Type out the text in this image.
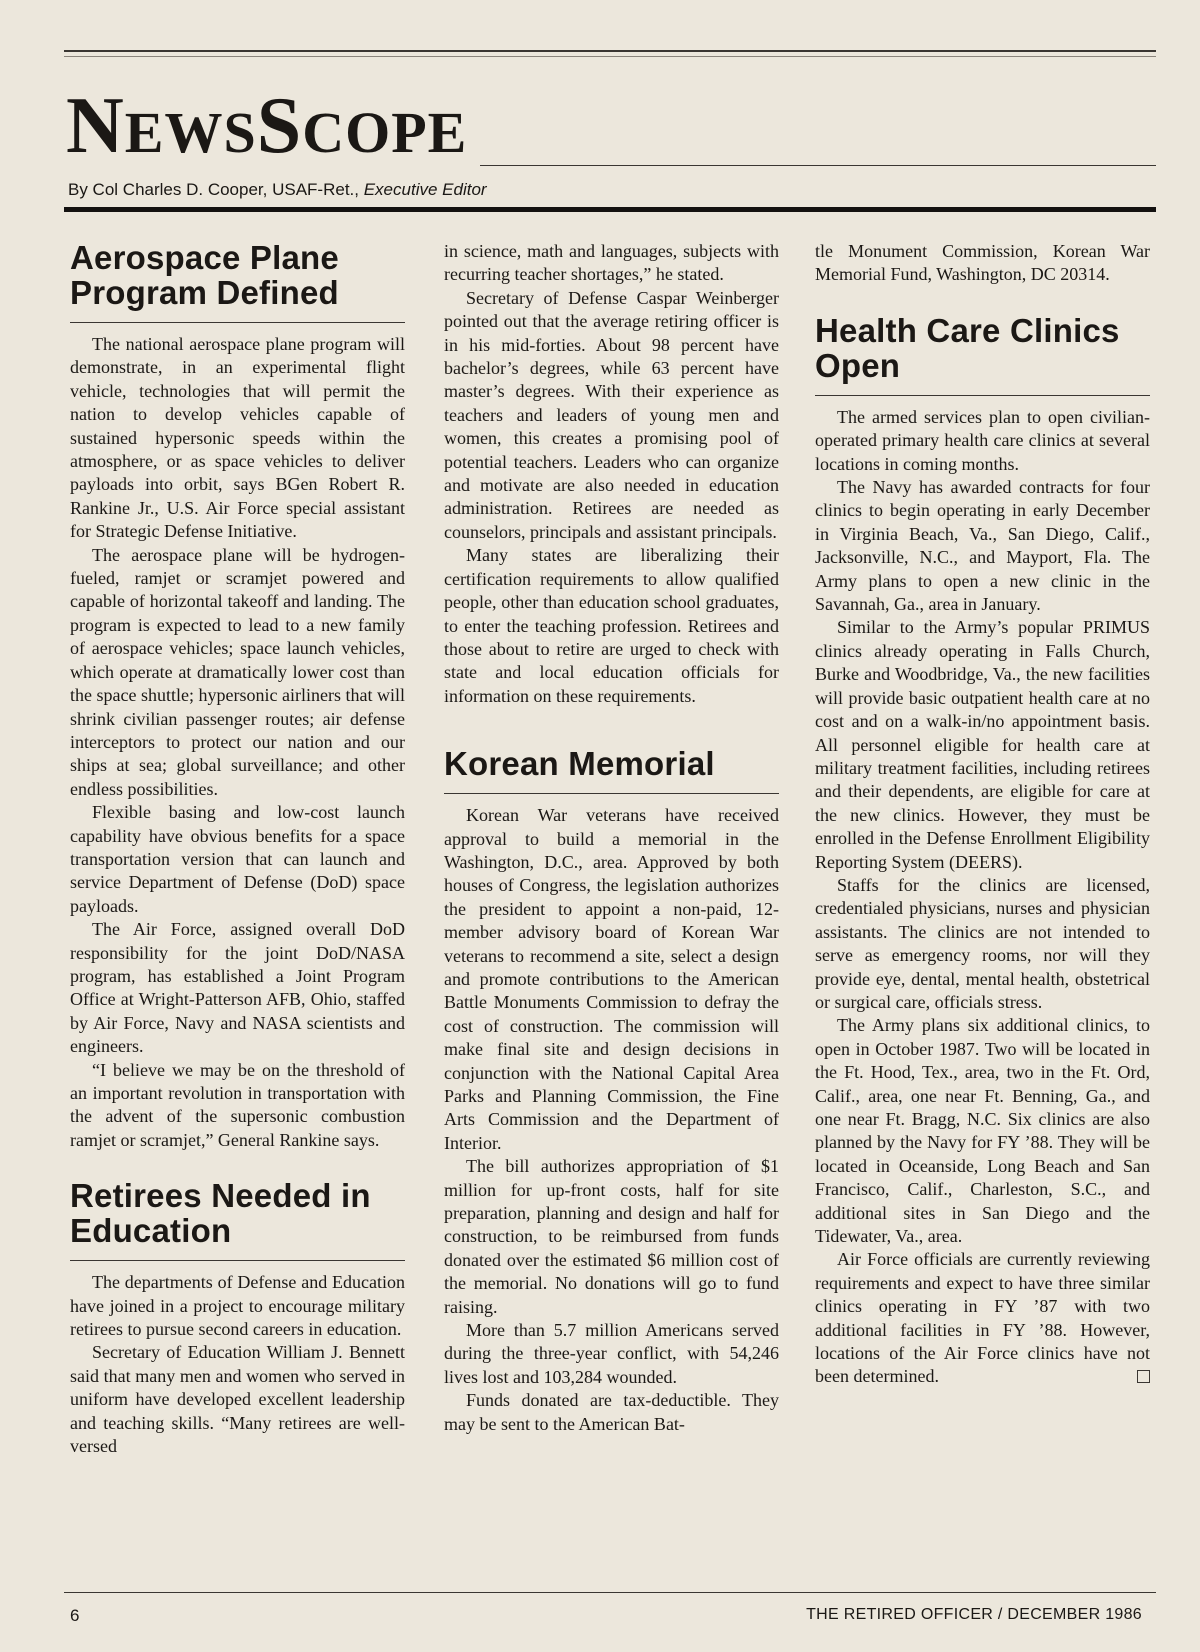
NEWSSCOPE
By Col Charles D. Cooper, USAF-Ret., Executive Editor
Aerospace Plane Program Defined

The national aerospace plane program will demonstrate, in an experimental flight vehicle, technologies that will permit the nation to develop vehicles capable of sustained hypersonic speeds within the atmosphere, or as space vehicles to deliver payloads into orbit, says BGen Robert R. Rankine Jr., U.S. Air Force special assistant for Strategic Defense Initiative.

The aerospace plane will be hydrogen-fueled, ramjet or scramjet powered and capable of horizontal takeoff and landing. The program is expected to lead to a new family of aerospace vehicles; space launch vehicles, which operate at dramatically lower cost than the space shuttle; hypersonic airliners that will shrink civilian passenger routes; air defense interceptors to protect our nation and our ships at sea; global surveillance; and other endless possibilities.

Flexible basing and low-cost launch capability have obvious benefits for a space transportation version that can launch and service Department of Defense (DoD) space payloads.

The Air Force, assigned overall DoD responsibility for the joint DoD/NASA program, has established a Joint Program Office at Wright-Patterson AFB, Ohio, staffed by Air Force, Navy and NASA scientists and engineers.

“I believe we may be on the threshold of an important revolution in transportation with the advent of the supersonic combustion ramjet or scramjet,” General Rankine says.

Retirees Needed in Education

The departments of Defense and Education have joined in a project to encourage military retirees to pursue second careers in education.

Secretary of Education William J. Bennett said that many men and women who served in uniform have developed excellent leadership and teaching skills. “Many retirees are well-versed

in science, math and languages, subjects with recurring teacher shortages,” he stated.

Secretary of Defense Caspar Weinberger pointed out that the average retiring officer is in his mid-forties. About 98 percent have bachelor’s degrees, while 63 percent have master’s degrees. With their experience as teachers and leaders of young men and women, this creates a promising pool of potential teachers. Leaders who can organize and motivate are also needed in education administration. Retirees are needed as counselors, principals and assistant principals.

Many states are liberalizing their certification requirements to allow qualified people, other than education school graduates, to enter the teaching profession. Retirees and those about to retire are urged to check with state and local education officials for information on these requirements.

Korean Memorial

Korean War veterans have received approval to build a memorial in the Washington, D.C., area. Approved by both houses of Congress, the legislation authorizes the president to appoint a non-paid, 12-member advisory board of Korean War veterans to recommend a site, select a design and promote contributions to the American Battle Monuments Commission to defray the cost of construction. The commission will make final site and design decisions in conjunction with the National Capital Area Parks and Planning Commission, the Fine Arts Commission and the Department of Interior.

The bill authorizes appropriation of $1 million for up-front costs, half for site preparation, planning and design and half for construction, to be reimbursed from funds donated over the estimated $6 million cost of the memorial. No donations will go to fund raising.

More than 5.7 million Americans served during the three-year conflict, with 54,246 lives lost and 103,284 wounded.

Funds donated are tax-deductible. They may be sent to the American Bat-

tle Monument Commission, Korean War Memorial Fund, Washington, DC 20314.

Health Care Clinics Open

The armed services plan to open civilian-operated primary health care clinics at several locations in coming months.

The Navy has awarded contracts for four clinics to begin operating in early December in Virginia Beach, Va., San Diego, Calif., Jacksonville, N.C., and Mayport, Fla. The Army plans to open a new clinic in the Savannah, Ga., area in January.

Similar to the Army’s popular PRIMUS clinics already operating in Falls Church, Burke and Woodbridge, Va., the new facilities will provide basic outpatient health care at no cost and on a walk-in/no appointment basis. All personnel eligible for health care at military treatment facilities, including retirees and their dependents, are eligible for care at the new clinics. However, they must be enrolled in the Defense Enrollment Eligibility Reporting System (DEERS).

Staffs for the clinics are licensed, credentialed physicians, nurses and physician assistants. The clinics are not intended to serve as emergency rooms, nor will they provide eye, dental, mental health, obstetrical or surgical care, officials stress.

The Army plans six additional clinics, to open in October 1987. Two will be located in the Ft. Hood, Tex., area, two in the Ft. Ord, Calif., area, one near Ft. Benning, Ga., and one near Ft. Bragg, N.C. Six clinics are also planned by the Navy for FY ’88. They will be located in Oceanside, Long Beach and San Francisco, Calif., Charleston, S.C., and additional sites in San Diego and the Tidewater, Va., area.

Air Force officials are currently reviewing requirements and expect to have three similar clinics operating in FY ’87 with two additional facilities in FY ’88. However, locations of the Air Force clinics have not been determined.

6	THE RETIRED OFFICER / DECEMBER 1986
